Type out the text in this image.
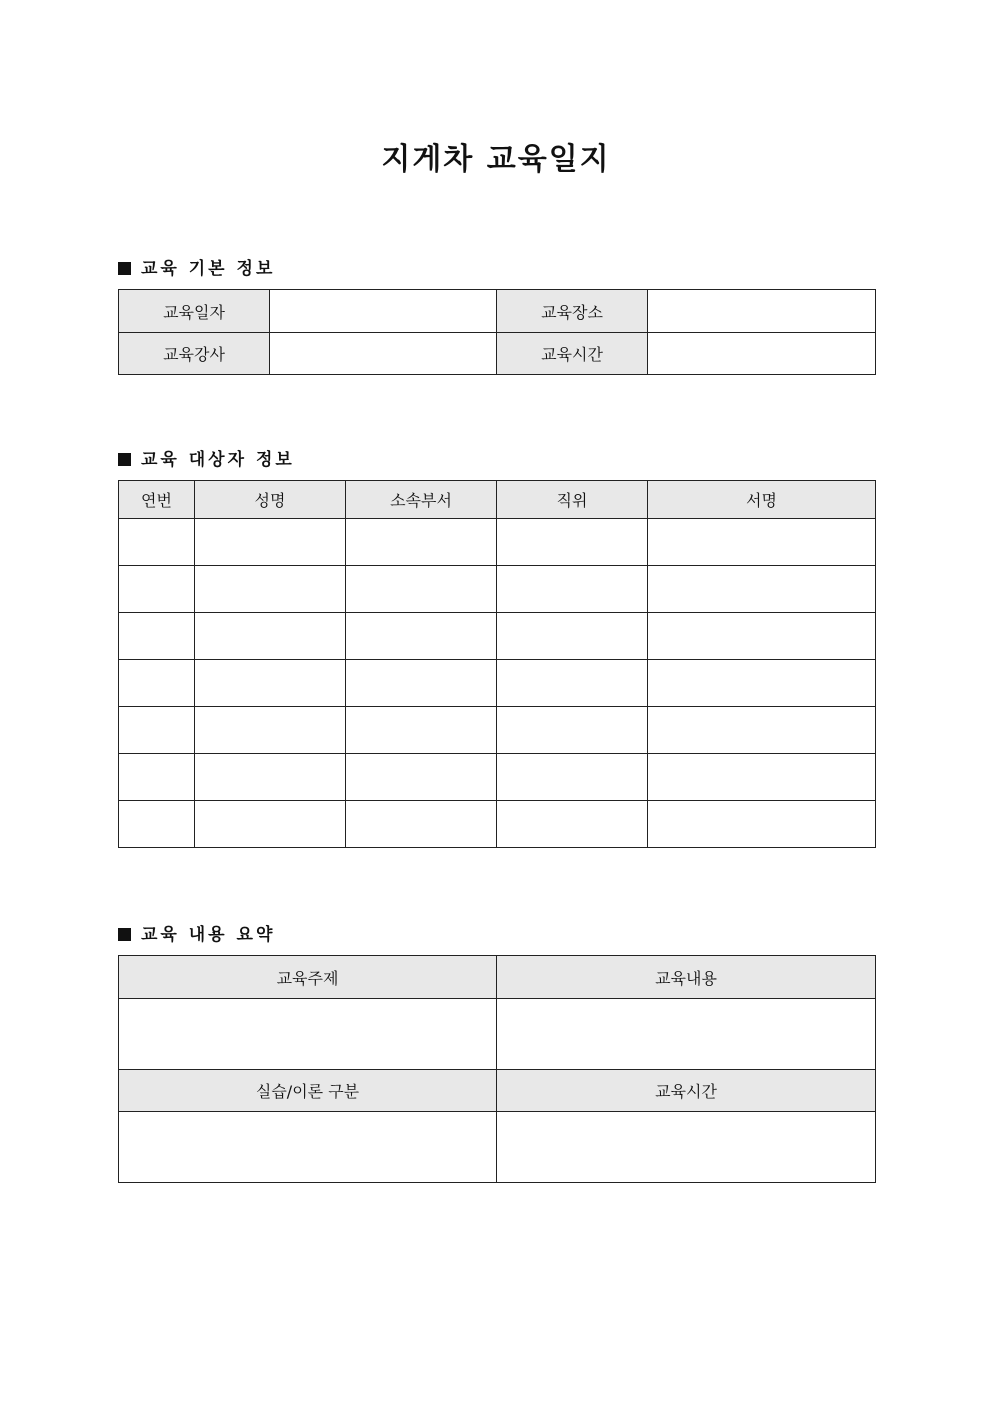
지게차 교육일지
교육 기본 정보
교육일자		교육장소	
교육강사		교육시간	
교육 대상자 정보
연번	성명	소속부서	직위	서명

교육 내용 요약
교육주제	교육내용

실습/이론 구분	교육시간
